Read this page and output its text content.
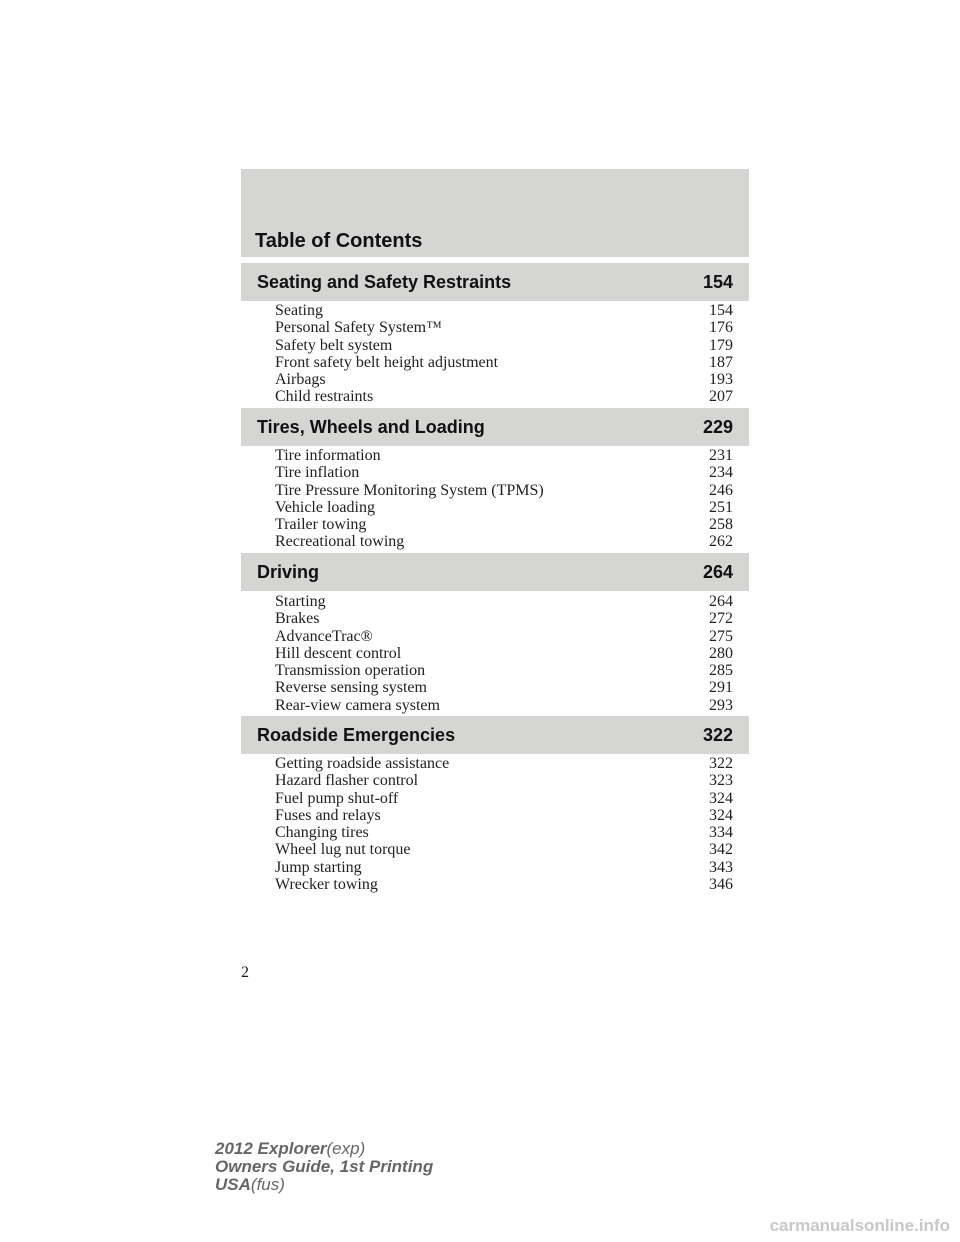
Table of Contents
Seating and Safety Restraints	154
Seating	154
Personal Safety System™	176
Safety belt system	179
Front safety belt height adjustment	187
Airbags	193
Child restraints	207
Tires, Wheels and Loading	229
Tire information	231
Tire inflation	234
Tire Pressure Monitoring System (TPMS)	246
Vehicle loading	251
Trailer towing	258
Recreational towing	262
Driving	264
Starting	264
Brakes	272
AdvanceTrac®	275
Hill descent control	280
Transmission operation	285
Reverse sensing system	291
Rear-view camera system	293
Roadside Emergencies	322
Getting roadside assistance	322
Hazard flasher control	323
Fuel pump shut-off	324
Fuses and relays	324
Changing tires	334
Wheel lug nut torque	342
Jump starting	343
Wrecker towing	346
2
2012 Explorer(exp)
Owners Guide, 1st Printing
USA(fus)
carmanualsonline.info
